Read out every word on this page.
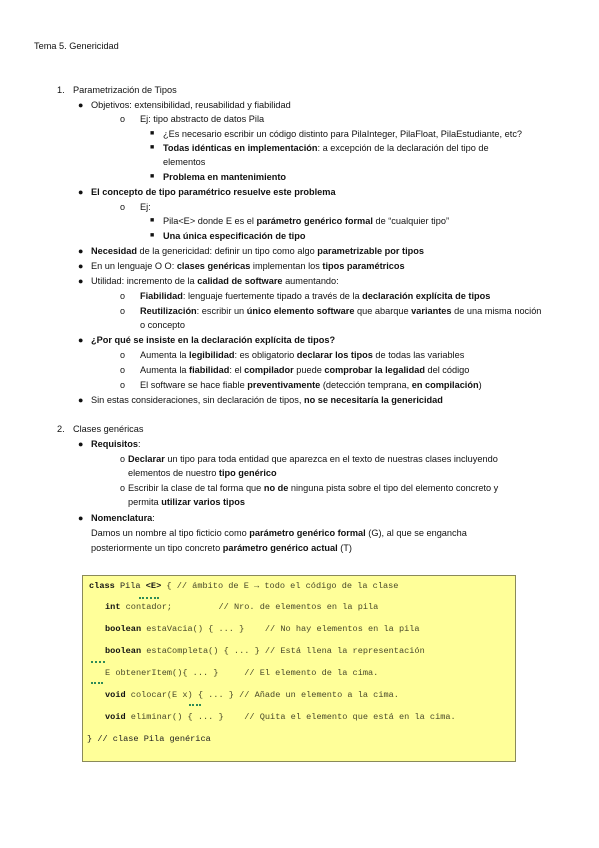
Tema 5. Genericidad
1. Parametrización de Tipos
● Objetivos: extensibilidad, reusabilidad y fiabilidad
o Ej: tipo abstracto de datos Pila
■ ¿Es necesario escribir un código distinto para PilaInteger, PilaFloat, PilaEstudiante, etc?
■ Todas idénticas en implementación: a excepción de la declaración del tipo de
elementos
■ Problema en mantenimiento
● El concepto de tipo paramétrico resuelve este problema
o Ej:
■ Pila<E> donde E es el parámetro genérico formal de “cualquier tipo”
■ Una única especificación de tipo
● Necesidad de la genericidad: definir un tipo como algo parametrizable por tipos
● En un lenguaje O O: clases genéricas implementan los tipos paramétricos
● Utilidad: incremento de la calidad de software aumentando:
o Fiabilidad: lenguaje fuertemente tipado a través de la declaración explícita de tipos
o Reutilización: escribir un único elemento software que abarque variantes de una misma noción
o concepto
● ¿Por qué se insiste en la declaración explícita de tipos?
o Aumenta la legibilidad: es obligatorio declarar los tipos de todas las variables
o Aumenta la fiabilidad: el compilador puede comprobar la legalidad del código
o El software se hace fiable preventivamente (detección temprana, en compilación)
● Sin estas consideraciones, sin declaración de tipos, no se necesitaría la genericidad
2. Clases genéricas
● Requisitos:
o Declarar un tipo para toda entidad que aparezca en el texto de nuestras clases incluyendo
elementos de nuestro tipo genérico
o Escribir la clase de tal forma que no de ninguna pista sobre el tipo del elemento concreto y
permita utilizar varios tipos
● Nomenclatura:
Damos un nombre al tipo ficticio como parámetro genérico formal (G), al que se engancha
posteriormente un tipo concreto parámetro genérico actual (T)
class Pila <E> { // ámbito de E → todo el código de la clase
int contador;         // Nro. de elementos en la pila
boolean estaVacia() { ... }    // No hay elementos en la pila
boolean estaCompleta() { ... } // Está llena la representación
E obtenerItem(){ ... }     // El elemento de la cima.
void colocar(E x) { ... } // Añade un elemento a la cima.
void eliminar() { ... }    // Quita el elemento que está en la cima.
} // clase Pila genérica
